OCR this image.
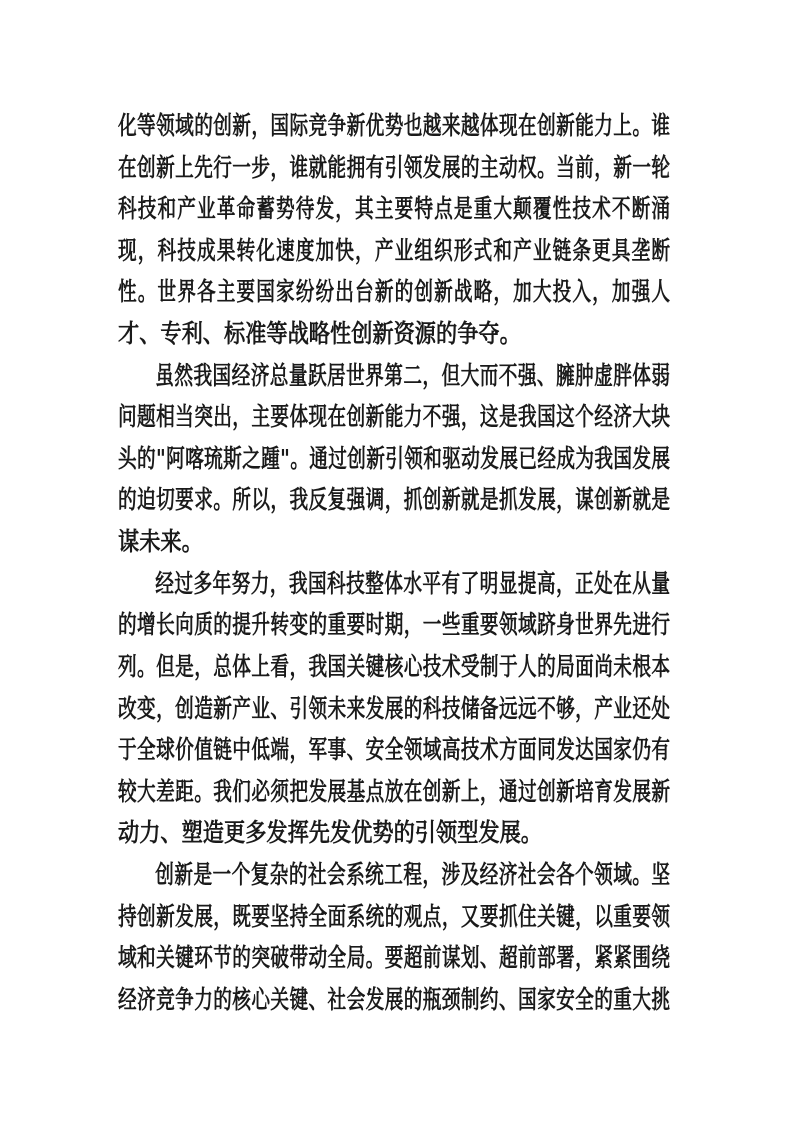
化等领域的创新，国际竞争新优势也越来越体现在创新能力上。谁
在创新上先行一步，谁就能拥有引领发展的主动权。当前，新一轮
科技和产业革命蓄势待发，其主要特点是重大颠覆性技术不断涌
现，科技成果转化速度加快，产业组织形式和产业链条更具垄断
性。世界各主要国家纷纷出台新的创新战略，加大投入，加强人
才、专利、标准等战略性创新资源的争夺。
虽然我国经济总量跃居世界第二，但大而不强、臃肿虚胖体弱
问题相当突出，主要体现在创新能力不强，这是我国这个经济大块
头的"阿喀琉斯之踵"。通过创新引领和驱动发展已经成为我国发展
的迫切要求。所以，我反复强调，抓创新就是抓发展，谋创新就是
谋未来。
经过多年努力，我国科技整体水平有了明显提高，正处在从量
的增长向质的提升转变的重要时期，一些重要领域跻身世界先进行
列。但是，总体上看，我国关键核心技术受制于人的局面尚未根本
改变，创造新产业、引领未来发展的科技储备远远不够，产业还处
于全球价值链中低端，军事、安全领域高技术方面同发达国家仍有
较大差距。我们必须把发展基点放在创新上，通过创新培育发展新
动力、塑造更多发挥先发优势的引领型发展。
创新是一个复杂的社会系统工程，涉及经济社会各个领域。坚
持创新发展，既要坚持全面系统的观点，又要抓住关键，以重要领
域和关键环节的突破带动全局。要超前谋划、超前部署，紧紧围绕
经济竞争力的核心关键、社会发展的瓶颈制约、国家安全的重大挑
